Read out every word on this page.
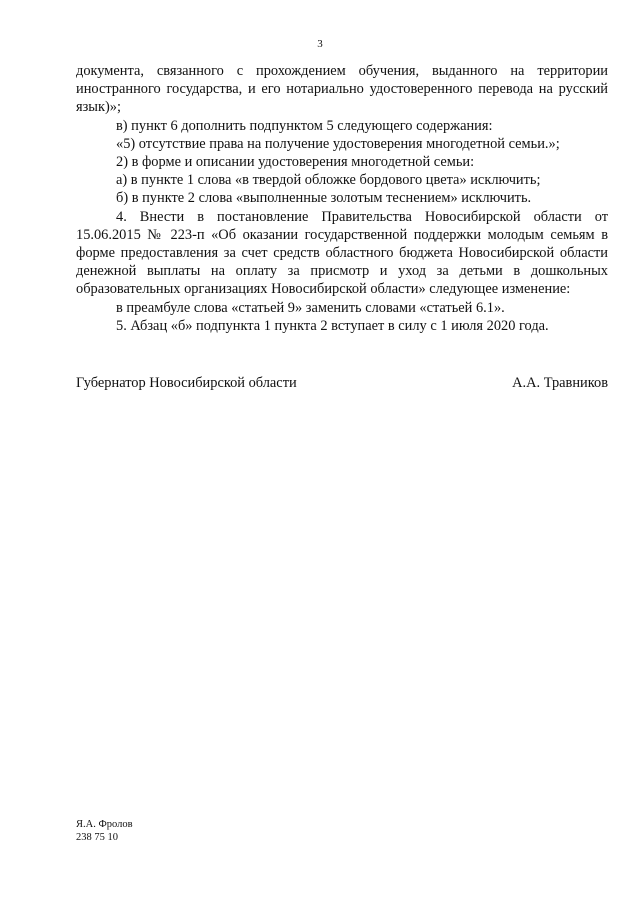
3

документа, связанного с прохождением обучения, выданного на территории иностранного государства, и его нотариально удостоверенного перевода на русский язык)»;

в) пункт 6 дополнить подпунктом 5 следующего содержания:

«5) отсутствие права на получение удостоверения многодетной семьи.»;

2) в форме и описании удостоверения многодетной семьи:

а) в пункте 1 слова «в твердой обложке бордового цвета» исключить;

б) в пункте 2 слова «выполненные золотым теснением» исключить.

4. Внести в постановление Правительства Новосибирской области от 15.06.2015 № 223-п «Об оказании государственной поддержки молодым семьям в форме предоставления за счет средств областного бюджета Новосибирской области денежной выплаты на оплату за присмотр и уход за детьми в дошкольных образовательных организациях Новосибирской области» следующее изменение:

в преамбуле слова «статьей 9» заменить словами «статьей 6.1».

5. Абзац «б» подпункта 1 пункта 2 вступает в силу с 1 июля 2020 года.

Губернатор Новосибирской области	А.А. Травников
Я.А. Фролов
238 75 10
